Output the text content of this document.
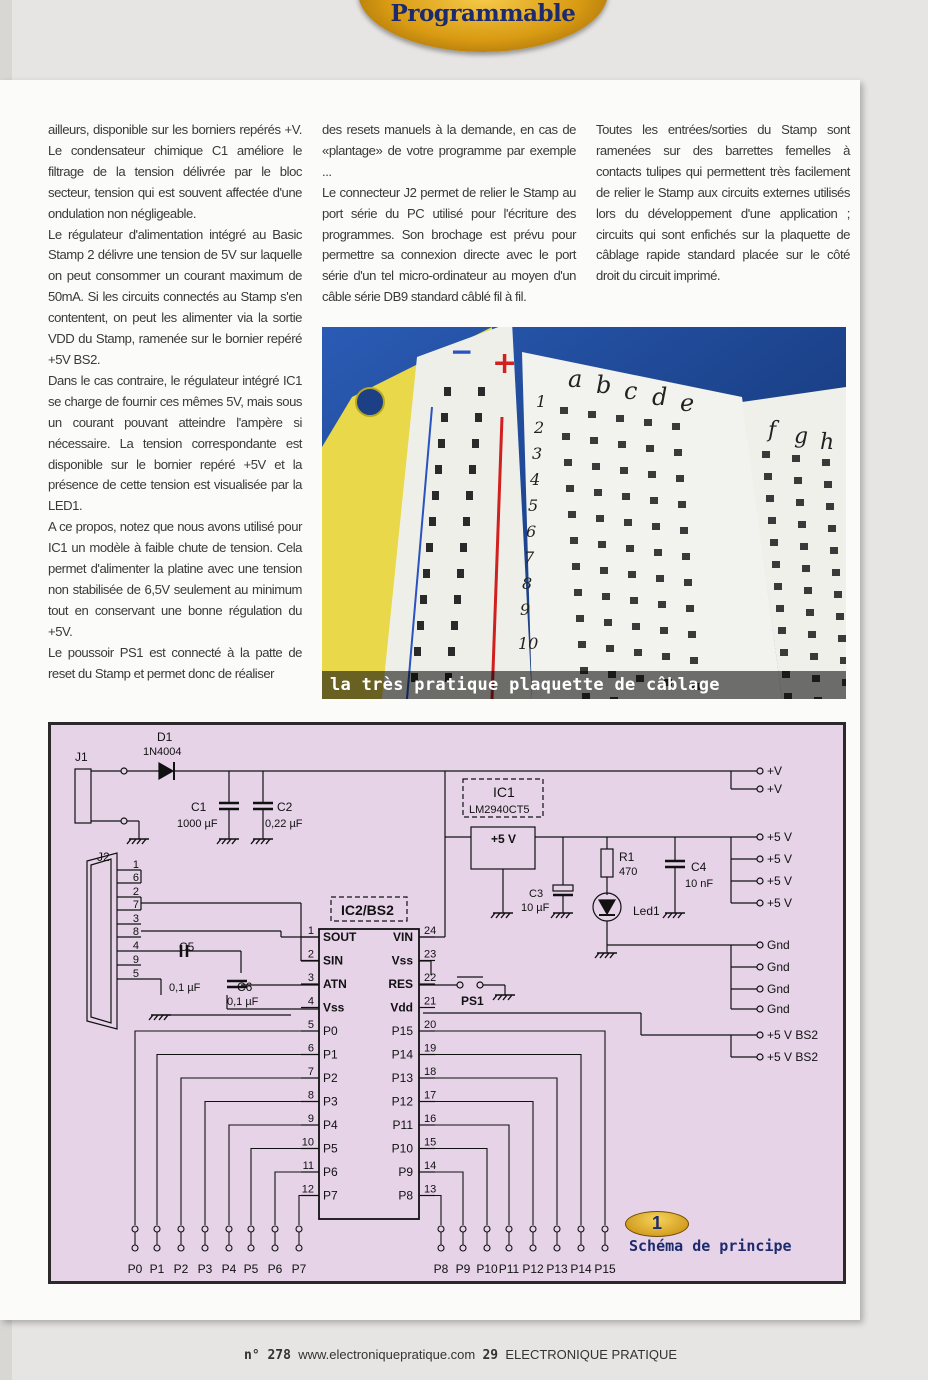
Programmable

ailleurs, disponible sur les borniers repérés +V. Le condensateur chimique C1 améliore le filtrage de la tension délivrée par le bloc secteur, tension qui est souvent affectée d'une ondulation non négligeable.

Le régulateur d'alimentation intégré au Basic Stamp 2 délivre une tension de 5V sur laquelle on peut consommer un courant maximum de 50mA. Si les circuits connectés au Stamp s'en contentent, on peut les alimenter via la sortie VDD du Stamp, ramenée sur le bornier repéré +5V BS2.

Dans le cas contraire, le régulateur intégré IC1 se charge de fournir ces mêmes 5V, mais sous un courant pouvant atteindre l'ampère si nécessaire. La tension correspondante est disponible sur le bornier repéré +5V et la présence de cette tension est visualisée par la LED1.

A ce propos, notez que nous avons utilisé pour IC1 un modèle à faible chute de tension. Cela permet d'alimenter la platine avec une tension non stabilisée de 6,5V seulement au minimum tout en conservant une bonne régulation du +5V.

Le poussoir PS1 est connecté à la patte de reset du Stamp et permet donc de réaliser

des resets manuels à la demande, en cas de «plantage» de votre programme par exemple ...

Le connecteur J2 permet de relier le Stamp au port série du PC utilisé pour l'écriture des programmes. Son brochage est prévu pour permettre sa connexion directe avec le port série d'un tel micro-ordinateur au moyen d'un câble série DB9 standard câblé fil à fil.

Toutes les entrées/sorties du Stamp sont ramenées sur des barrettes femelles à contacts tulipes qui permettent très facilement de relier le Stamp aux circuits externes utilisés lors du développement d'une application ; circuits qui sont enfichés sur la plaquette de câblage rapide standard placée sur le côté droit du circuit imprimé.

− + a b c d e
f g h
1
2
3
4
5
6
7
8
9
10
la très pratique plaquette de câblage
1 SOUT
2 SIN
3 ATN
4 Vss
5 P0
6 P1
7 P2
8 P3
9 P4
10 P5
11 P6
12 P7
24
VIN
23
Vss
22
RES
21
Vdd
20
P15
19
P14
18
P13
17
P12
16
P11
15
P10
14
P9
13
P8
P0 P1 P2 P3 P4 P5 P6 P7	P8 P9 P10 P11 P12 P13 P14 P15
1
6
2
7
3
8
4
9
5
J1
J2
D1
1N4004
C1
1000 µF
C2
0,22 µF
IC1
LM2940CT5
+5 V
C3
10 µF
R1
470	C4
10 nF
Led1
C5
0,1 µF	C6
0,1 µF
IC2/BS2
PS1
+V
+V
+5 V
+5 V
+5 V
+5 V
Gnd
Gnd
Gnd
Gnd
+5 V BS2
+5 V BS2
1
Schéma de principe
n° 278 www.electroniquepratique.com 29 ELECTRONIQUE PRATIQUE
